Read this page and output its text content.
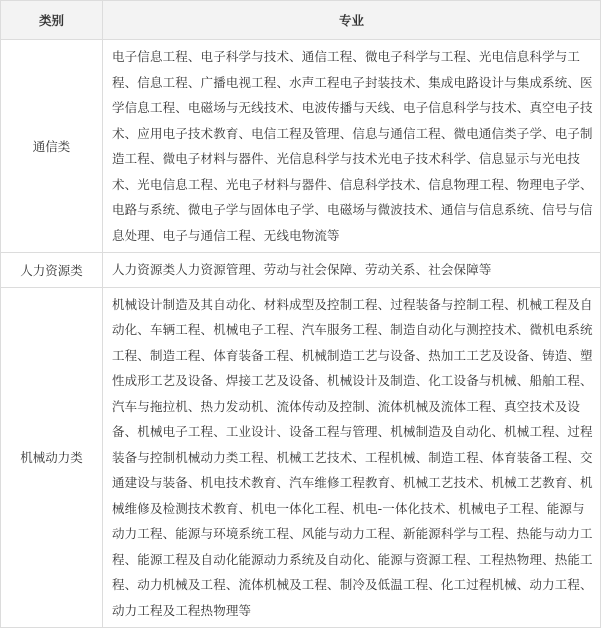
类别	专业
通信类	电子信息工程、电子科学与技术、通信工程、微电子科学与工程、光电信息科学与工程、信息工程、广播电视工程、水声工程电子封装技术、集成电路设计与集成系统、医学信息工程、电磁场与无线技术、电波传播与天线、电子信息科学与技术、真空电子技术、应用电子技术教育、电信工程及管理、信息与通信工程、微电通信类子学、电子制造工程、微电子材料与器件、光信息科学与技术光电子技术科学、信息显示与光电技术、光电信息工程、光电子材料与器件、信息科学技术、信息物理工程、物理电子学、电路与系统、微电子学与固体电子学、电磁场与微波技术、通信与信息系统、信号与信息处理、电子与通信工程、无线电物流等
人力资源类	人力资源类人力资源管理、劳动与社会保障、劳动关系、社会保障等
机械动力类	机械设计制造及其自动化、材料成型及控制工程、过程装备与控制工程、机械工程及自动化、车辆工程、机械电子工程、汽车服务工程、制造自动化与测控技术、微机电系统工程、制造工程、体育装备工程、机械制造工艺与设备、热加工工艺及设备、铸造、塑性成形工艺及设备、焊接工艺及设备、机械设计及制造、化工设备与机械、船舶工程、汽车与拖拉机、热力发动机、流体传动及控制、流体机械及流体工程、真空技术及设备、机械电子工程、工业设计、设备工程与管理、机械制造及自动化、机械工程、过程装备与控制机械动力类工程、机械工艺技术、工程机械、制造工程、体育装备工程、交通建设与装备、机电技术教育、汽车维修工程教育、机械工艺技术、机械工艺教育、机械维修及检测技术教育、机电一体化工程、机电-一体化技术、机械电子工程、能源与动力工程、能源与环境系统工程、风能与动力工程、新能源科学与工程、热能与动力工程、能源工程及自动化能源动力系统及自动化、能源与资源工程、工程热物理、热能工程、动力机械及工程、流体机械及工程、制冷及低温工程、化工过程机械、动力工程、动力工程及工程热物理等
